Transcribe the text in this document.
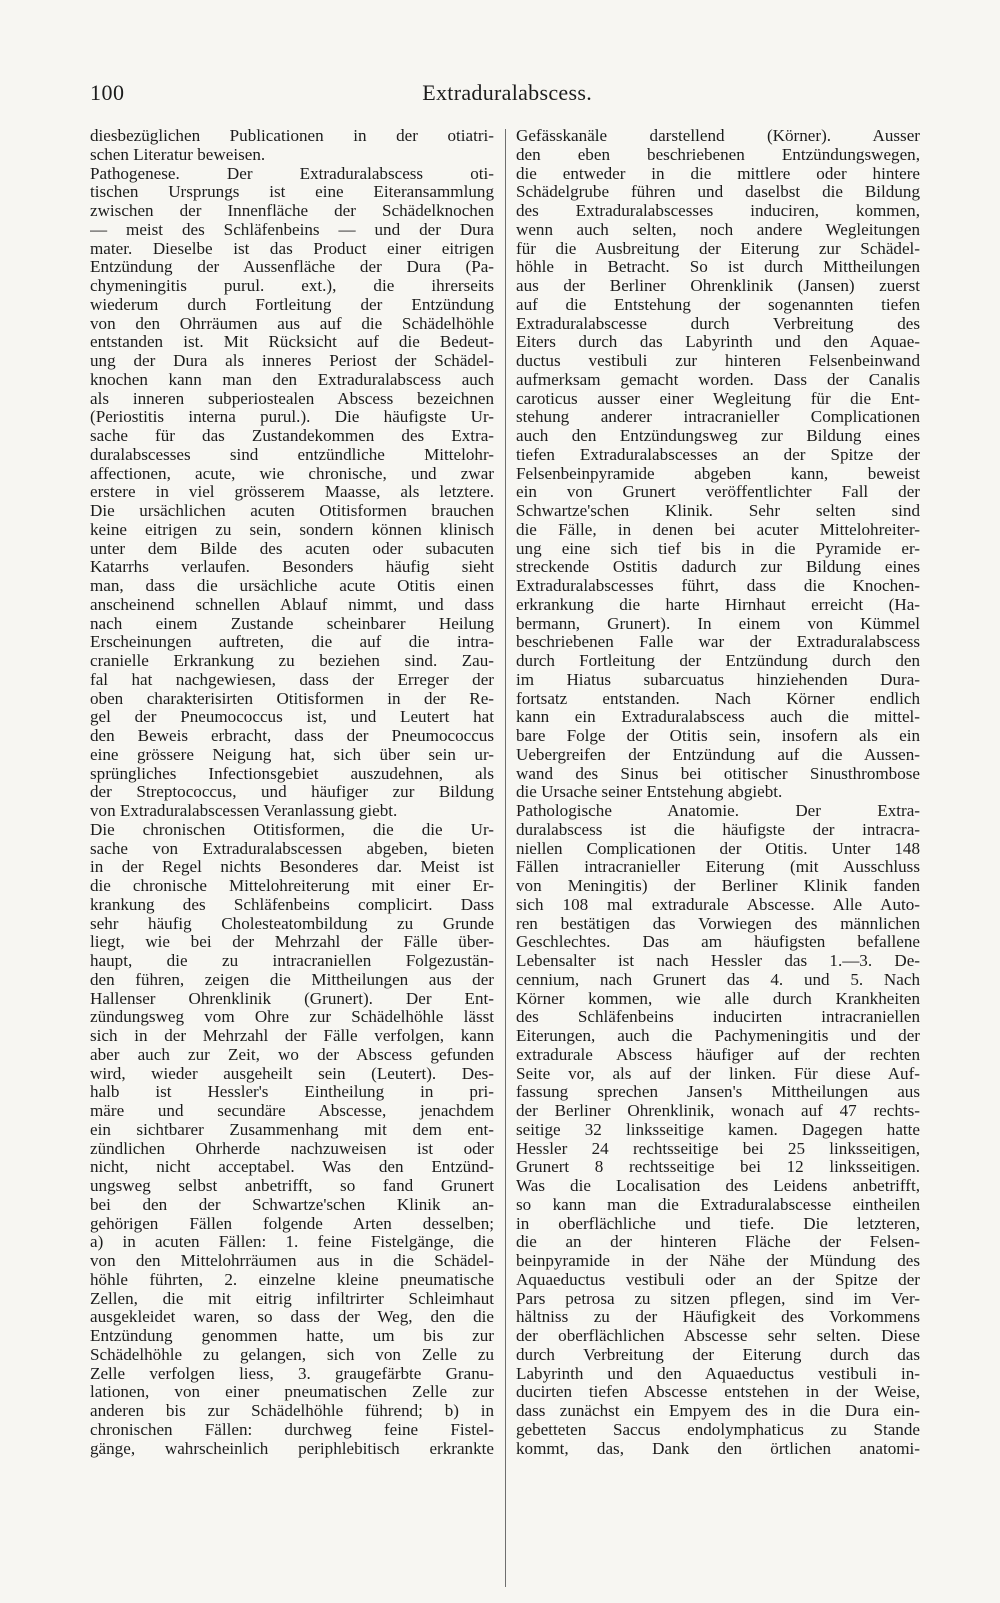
100	Extraduralabscess.
diesbezüglichen Publicationen in der otiatri-
schen Literatur beweisen.
Pathogenese. Der Extraduralabscess oti-
tischen Ursprungs ist eine Eiteransammlung
zwischen der Innenfläche der Schädelknochen
— meist des Schläfenbeins — und der Dura
mater. Dieselbe ist das Product einer eitrigen
Entzündung der Aussenfläche der Dura (Pa-
chymeningitis purul. ext.), die ihrerseits
wiederum durch Fortleitung der Entzündung
von den Ohrräumen aus auf die Schädelhöhle
entstanden ist. Mit Rücksicht auf die Bedeut-
ung der Dura als inneres Periost der Schädel-
knochen kann man den Extraduralabscess auch
als inneren subperiostealen Abscess bezeichnen
(Periostitis interna purul.). Die häufigste Ur-
sache für das Zustandekommen des Extra-
duralabscesses sind entzündliche Mittelohr-
affectionen, acute, wie chronische, und zwar
erstere in viel grösserem Maasse, als letztere.
Die ursächlichen acuten Otitisformen brauchen
keine eitrigen zu sein, sondern können klinisch
unter dem Bilde des acuten oder subacuten
Katarrhs verlaufen. Besonders häufig sieht
man, dass die ursächliche acute Otitis einen
anscheinend schnellen Ablauf nimmt, und dass
nach einem Zustande scheinbarer Heilung
Erscheinungen auftreten, die auf die intra-
cranielle Erkrankung zu beziehen sind. Zau-
fal hat nachgewiesen, dass der Erreger der
oben charakterisirten Otitisformen in der Re-
gel der Pneumococcus ist, und Leutert hat
den Beweis erbracht, dass der Pneumococcus
eine grössere Neigung hat, sich über sein ur-
sprüngliches Infectionsgebiet auszudehnen, als
der Streptococcus, und häufiger zur Bildung
von Extraduralabscessen Veranlassung giebt.
Die chronischen Otitisformen, die die Ur-
sache von Extraduralabscessen abgeben, bieten
in der Regel nichts Besonderes dar. Meist ist
die chronische Mittelohreiterung mit einer Er-
krankung des Schläfenbeins complicirt. Dass
sehr häufig Cholesteatombildung zu Grunde
liegt, wie bei der Mehrzahl der Fälle über-
haupt, die zu intracraniellen Folgezustän-
den führen, zeigen die Mittheilungen aus der
Hallenser Ohrenklinik (Grunert). Der Ent-
zündungsweg vom Ohre zur Schädelhöhle lässt
sich in der Mehrzahl der Fälle verfolgen, kann
aber auch zur Zeit, wo der Abscess gefunden
wird, wieder ausgeheilt sein (Leutert). Des-
halb ist Hessler's Eintheilung in pri-
märe und secundäre Abscesse, jenachdem
ein sichtbarer Zusammenhang mit dem ent-
zündlichen Ohrherde nachzuweisen ist oder
nicht, nicht acceptabel. Was den Entzünd-
ungsweg selbst anbetrifft, so fand Grunert
bei den der Schwartze'schen Klinik an-
gehörigen Fällen folgende Arten desselben;
a) in acuten Fällen: 1. feine Fistelgänge, die
von den Mittelohrräumen aus in die Schädel-
höhle führten, 2. einzelne kleine pneumatische
Zellen, die mit eitrig infiltrirter Schleimhaut
ausgekleidet waren, so dass der Weg, den die
Entzündung genommen hatte, um bis zur
Schädelhöhle zu gelangen, sich von Zelle zu
Zelle verfolgen liess, 3. graugefärbte Granu-
lationen, von einer pneumatischen Zelle zur
anderen bis zur Schädelhöhle führend; b) in
chronischen Fällen: durchweg feine Fistel-
gänge, wahrscheinlich periphlebitisch erkrankte
Gefässkanäle darstellend (Körner). Ausser
den eben beschriebenen Entzündungswegen,
die entweder in die mittlere oder hintere
Schädelgrube führen und daselbst die Bildung
des Extraduralabscesses induciren, kommen,
wenn auch selten, noch andere Wegleitungen
für die Ausbreitung der Eiterung zur Schädel-
höhle in Betracht. So ist durch Mittheilungen
aus der Berliner Ohrenklinik (Jansen) zuerst
auf die Entstehung der sogenannten tiefen
Extraduralabscesse durch Verbreitung des
Eiters durch das Labyrinth und den Aquae-
ductus vestibuli zur hinteren Felsenbeinwand
aufmerksam gemacht worden. Dass der Canalis
caroticus ausser einer Wegleitung für die Ent-
stehung anderer intracranieller Complicationen
auch den Entzündungsweg zur Bildung eines
tiefen Extraduralabscesses an der Spitze der
Felsenbeinpyramide abgeben kann, beweist
ein von Grunert veröffentlichter Fall der
Schwartze'schen Klinik. Sehr selten sind
die Fälle, in denen bei acuter Mittelohreiter-
ung eine sich tief bis in die Pyramide er-
streckende Ostitis dadurch zur Bildung eines
Extraduralabscesses führt, dass die Knochen-
erkrankung die harte Hirnhaut erreicht (Ha-
bermann, Grunert). In einem von Kümmel
beschriebenen Falle war der Extraduralabscess
durch Fortleitung der Entzündung durch den
im Hiatus subarcuatus hinziehenden Dura-
fortsatz entstanden. Nach Körner endlich
kann ein Extraduralabscess auch die mittel-
bare Folge der Otitis sein, insofern als ein
Uebergreifen der Entzündung auf die Aussen-
wand des Sinus bei otitischer Sinusthrombose
die Ursache seiner Entstehung abgiebt.
Pathologische Anatomie. Der Extra-
duralabscess ist die häufigste der intracra-
niellen Complicationen der Otitis. Unter 148
Fällen intracranieller Eiterung (mit Ausschluss
von Meningitis) der Berliner Klinik fanden
sich 108 mal extradurale Abscesse. Alle Auto-
ren bestätigen das Vorwiegen des männlichen
Geschlechtes. Das am häufigsten befallene
Lebensalter ist nach Hessler das 1.—3. De-
cennium, nach Grunert das 4. und 5. Nach
Körner kommen, wie alle durch Krankheiten
des Schläfenbeins inducirten intracraniellen
Eiterungen, auch die Pachymeningitis und der
extradurale Abscess häufiger auf der rechten
Seite vor, als auf der linken. Für diese Auf-
fassung sprechen Jansen's Mittheilungen aus
der Berliner Ohrenklinik, wonach auf 47 rechts-
seitige 32 linksseitige kamen. Dagegen hatte
Hessler 24 rechtsseitige bei 25 linksseitigen,
Grunert 8 rechtsseitige bei 12 linksseitigen.
Was die Localisation des Leidens anbetrifft,
so kann man die Extraduralabscesse eintheilen
in oberflächliche und tiefe. Die letzteren,
die an der hinteren Fläche der Felsen-
beinpyramide in der Nähe der Mündung des
Aquaeductus vestibuli oder an der Spitze der
Pars petrosa zu sitzen pflegen, sind im Ver-
hältniss zu der Häufigkeit des Vorkommens
der oberflächlichen Abscesse sehr selten. Diese
durch Verbreitung der Eiterung durch das
Labyrinth und den Aquaeductus vestibuli in-
ducirten tiefen Abscesse entstehen in der Weise,
dass zunächst ein Empyem des in die Dura ein-
gebetteten Saccus endolymphaticus zu Stande
kommt, das, Dank den örtlichen anatomi-
